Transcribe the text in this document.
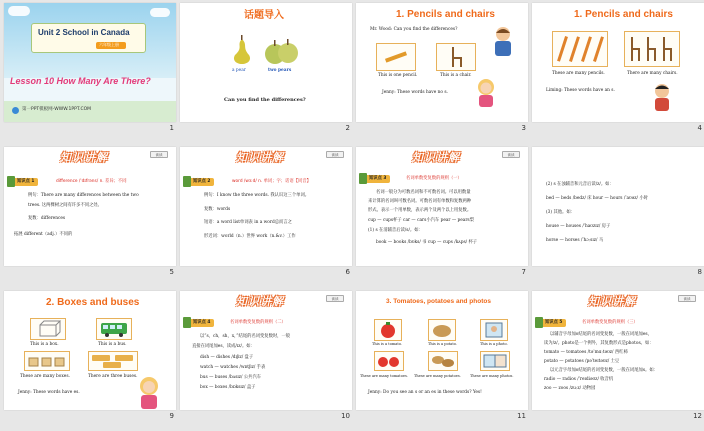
Unit 2 School in Canada
六年级上册
Lesson 10 How Many Are There?
第一PPT模板网-WWW.1PPT.COM
1
话题导入
a pear	two pears
Can you find the differences?
2
1. Pencils and chairs
Mr. Wood: Can you find the differences?
This is one pencil.	This is a chair.
Jenny: These words have no s.
3
1. Pencils and chairs
These are many pencils.	There are many chairs.
Liming: These words have an s.
4
知识讲解	读读
知识点 1	difference /ˈdɪfrəns/ n. 差异；不同
例句：There are many differences between the two
trees. 这两棵树之间有许多不同之处。
复数：differences
拓展 different（adj.）不同的
5
知识讲解	读读
知识点 2	word /wɜːd/ n. 单词；字；话语【同音】
例句：I know the three words. 我认识这三个单词。
复数：words
短语：a word list单词表 in a word总而言之
形近词：world（n.）世界 work（n.&v.）工作
6
知识讲解	读读
知识点 3	名词单数变复数的规则（一）
名词一般分为可数名词和不可数名词。可以用数量
来计算的名词叫可数名词。可数名词有单数和复数两种
形式。表示一个用单数，表示两个及两个以上用复数。
cup — cups杯子 car — cars小汽车 pear — pears梨
(1) s 在清辅音后读/s/。如：
book — books /bʊks/ 书 cup — cups /kʌps/ 杯子
7
(2) s 在浊辅音和元音后读/z/。如：
bed — beds /bedz/ 床 hour — hours /ˈaʊəz/ 小时
(3) 其他。如：
house — houses /ˈhaʊzɪz/ 房子
horse — horses /ˈhɔːsɪz/ 马
8
2. Boxes and buses
This is a box.	This is a bus.
These are many boxes.	There are three buses.
Jenny: These words have es.
9
知识讲解	读读
知识点 4	名词单数变复数的规则（二）
以“s，ch，sh，x，”结尾的名词变复数时，一般
直接在词尾加es，读成/ɪz/。如：
dish — dishes /dɪʃɪz/ 盘子
watch — watches /wɒtʃɪz/ 手表
bus — buses /bʌsɪz/ 公共汽车
box — boxes /bɒksɪz/ 盒子
10
3. Tomatoes, potatoes and photos
This is a tomato.	This is a potato.	This is a photo.
These are many tomatoes. These are many potatoes.	These are many photos.
Jenny: Do you see an s or an es in these words? Yes!
11
知识讲解	读读
知识点 5	名词单数变复数的规则（三）
以辅音字母加o结尾的名词变复数，一般在词尾加es，
读为/z/。photo是一个例外，其复数形式是photos。如：
tomato — tomatoes /təˈmɑːtəʊz/ 西红柿
potato — potatoes /pəˈteɪtəʊz/ 土豆
以元音字母加o结尾的名词变复数，一般在词尾加s。如：
radio — radios /ˈreɪdiəʊz/ 收音机
zoo — zoos /zuːz/ 动物园
12
